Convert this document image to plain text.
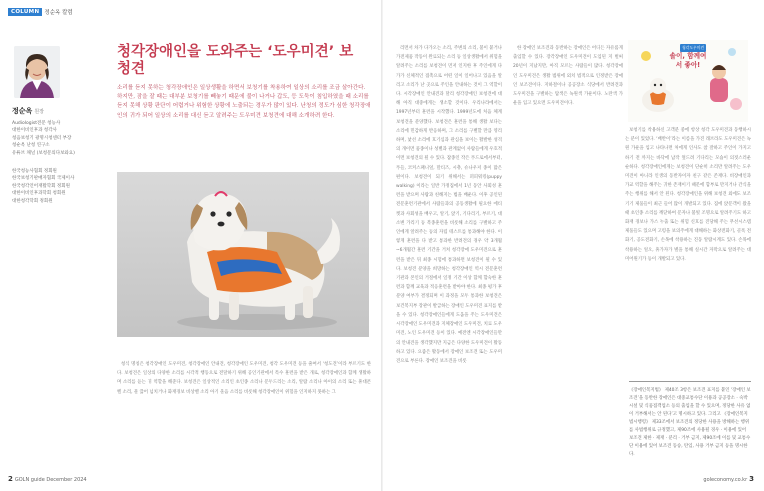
COLUMN 정순옥 칼럼
정순옥 원장
Audiologist전문 청능사
대한이비인후과 청각사
청음보청기 광명시청센터 부장
청순옥 난청 연구소
유튜브 채널 (보청문의다보와요)
한국청능사협회 정회원
한국보청기판매자협회 국제이사
한국청각언어재활학회 정회원
대한이비인후과학회 청회원
대한청각학회 정회원
청각장애인을 도와주는 ‘도우미견’ 보청견
소리를 듣지 못하는 청각장애인은 일상생활을 하면서 보청기를 착용하여 일상의 소리를 조금 살아간다. 하지만, 잠을 잘 때는 대부분 보청기를 빼놓기 때문에 불이 나거나 갑도, 등 도둑이 침입하였을 때 소리를 듣지 못해 상황 판단이 어렵거나 위험한 상황에 노출되는 경우가 많이 있다. 난청의 정도가 심한 청각장애인의 귀가 되어 일상의 소리를 대신 듣고 알려주는 도우미견 보청견에 대해 소개하려 한다.

청식 명칭은 청각장애인 도우미견, 청각장애인 안내견, 청각장애인 도우미견, 청각 도우미견 등을 줄여서 ‘청도견’이라 부르기도 한다. 보청견은 일상의 다양한 소리를 시각적 행동으로 전달하기 위해 공인기관에서 특수 훈련을 받은 개로, 청각장애인과 함께 생활하며 소리를 듣는 귀 역할을 해준다. 보청견은 일상적인 소리인 초인종 소리나 문두드리는 소리, 알람 소리나 아이의 소리 또는 휴대폰 벨 소리, 물 끓어 넘치거나 화재경보 비상벨 소리 아기 울음 소리를 비롯해 청각장애인이 위험을 인지하지 못하는 그

리면서 차가 다가오는 소리, 주변의 소리, 불이 붙거나 가전제품 작동이 완료되는 소리 등 일상생활에서 위험을 알려주는 소리를 보청견이 먼저 인지한 후 주인에게 다가가 신체적인 접촉으로 어떤 일이 일어나고 있음을 알리고 소리가 난 곳으로 주인을 안내하는 것이 그 역할이다. 시각장애인 안내견과 달리 청각장애인 보청견에 대해 아직 대중에게는 생소할 것이다. 우리나라에서는 1997년부터 훈련을 시작했다. 1999년도에 처음 체계 보청견을 분양했다. 보청견은 훈련을 통해 생활 보다는 소리에 민감하게 반응하며, 그 소리를 구별할 만큼 영리하며, 낯선 소리에 호기심과 관심을 보이는 활발한 성격의 개이면 품종이나 성별과 관계없이 사람들에게 우호적이면 보청견의 될 수 있다. 잡종인 작은 푸드로에서부터, 푸들, 코커스패니얼, 말티즈, 시츄, 슈나우저 종이 많은 편이다. 보청견이 되기 위해서는 퍼피워킹(puppy walking) 이라는 일반 가정집에서 1년 동안 사회성 훈련을 받으며 사람과 친해지는 법을 배운다. 이후 공인된 전문훈련기관에서 사람들과의 공동생활에 필요한 에티켓과 사회성을 배우고, 알기, 앉기, 기다리기, 부르기, 대소변 가리기 등 복종훈련을 비롯해 소리를 구별하고 주인에게 알려주는 등의 자립 테스트를 통과해야 한다. 이렇게 훈련을 다 받고 통과한 반려견의 경우 약 3개월 ~6개월간 훈련 기간을 거쳐 청각장애 도우미견으로 훈련을 받은 뒤 최종 시험에 통과하면 보청견이 될 수 있다. 보청견 분양을 희망하는 청각장애인 역시 전문훈련 기관과 본인의 거절에서 일정 기간 이상 함께 합숙한 훈련과 함께 교육과 적응훈련을 받아야 한다. 최종 평가 후 분양 여부가 결정되며 이 과정을 모두 통과한 보청견은 보건복지부 장관이 발급하는 장애인 도우미견 표지를 받을 수 있다. 청각장애인들에게 도움을 주는 도우미견은 시각장애인 도우미견과 지체장애인 도우미견, 치료 도우미견, 노인 도우미견 등이 있다. 예전엔 시각장애인들만의 안내견을 생각했지만 지금은 다양한 도우미견이 활동하고 있다. 요즘은 활동에서 장애인 보조견 또는 도우미견으로 부른다. 장애인 보조견을 비롯

한 장애인 보조견과 동반하는 장애인은 어디든 자유롭게 출입할 수 있다. 장각장애인 도우미견이 도입된 지 벌써 20년이 지났지만, 아직 모르는 사람들이 많다. 청각장애인 도우미견은 생활 범위에 외치 법적으로 인정받은 장애인 보조견이다. 지하철이나 공공장소 식당에서 반려견과 도우미견을 구별하는 탑색은 녹원색 가운이다. 노란색 가운을 입고 있으면 도우미견이다.

청각도우미견
솔이, 함께여서 좋아!

보청기를 착용하신 고객분 중에 항상 청각 도우미견과 동행하시는 분이 있었다. ‘배반이’라는 이름을 가진 래브라도 도우미견은 녹원 가운을 입고 나타나면 처에게 인사도 참 잘하고 주인이 가지고 하기 전 까지는 바닥에 납작 엎드려 기다리는 모습이 의젓스러운 순하다. 청각장애인에게는 보청견이 단순히 소리만 알려주는 도우미견이 아니라 인생의 동반자이자 친구 같은 존재다. 비장애인과 가교 역할을 해주는 귀한 존재이기 때문에 함부로 만지거나 간식을 주는 행위를 해서 안 된다. 청각장애인을 위해 보청견 외에도 보조기기 제품들이 최근 들어 많이 개발되고 있다. 집에 앉문객이 왔을 때 초인종 소리를 깨닫하여 문자나 불빛 조명으로 알려주기도 하고 화재 경보나 가스 누출 또는 위험 신호를 진당해 주는 무선시스템 제품들도 있으며 고령을 보의주에게 대해하는 화상전화기, 골폭 전화기, 공도전화기, 손목에 착용하는 진동 알람시계도 있다. 손목에 착용하는 얼오, 휴가자가 별을 통해 실시간 자막으로 알려주는 대미어원기가 등이 개발되고 있다.

《장애인복지법》 제40조 3항은 보조견 표지를 붙인 ‘장애인 보조견’을 동반한 장애인은 대중교통수단 이용과 공공장소 · 숙박시설 및 식품접객업소 등의 출입을 할 수 있으며, 정당한 사유 없이 거부해서는 안 된다’고 명시하고 있다. 그리고 《장애인복지법시행령》 제33조에서 보조견의 정당한 사용을 방해하는 행위를 사법행위로 규정했고, 제90조에 사용될 경우 · 이용에 있어 보조견 제한 · 제재 · 분리 · 거부 금지, 제90조에 이를 및 교통수단 이용에 있어 보조견 동승, 탄입, 사용 거부 금지 등을 명시한다.
2 GOLN guide December 2024	goleconomy.co.kr 3
